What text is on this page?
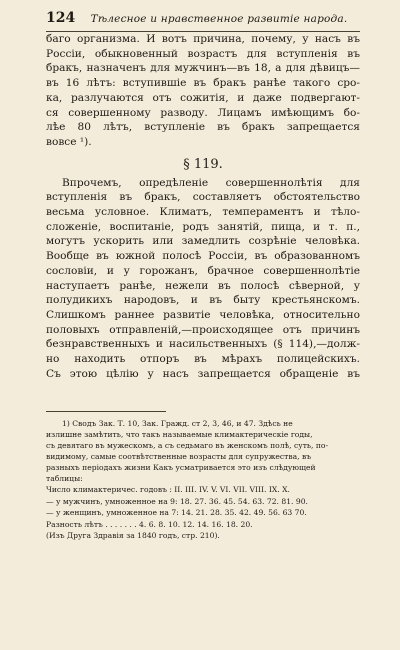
124	Тѣлесное и нравственное развитіе народа.
баго организма. И вотъ причина, почему, у насъ въ
Россіи, обыкновенный возрастъ для вступленія въ
бракъ, назначенъ для мужчинъ—въ 18, а для дѣвицъ—
въ 16 лѣтъ: вступившіе въ бракъ ранѣе такого сро-
ка, разлучаются отъ сожитія, и даже подвергают-
ся совершенному разводу. Лицамъ имѣющимъ бо-
лѣе 80 лѣтъ, вступленіе въ бракъ запрещается
вовсе ¹).
§ 119.
Впрочемъ, опредѣленіе совершеннолѣтія для
вступленія въ бракъ, составляетъ обстоятельство
весьма условное. Климатъ, темпераментъ и тѣло-
сложеніе, воспитаніе, родъ занятій, пища, и т. п.,
могутъ ускорить или замедлить созрѣніе человѣка.
Вообще въ южной полосѣ Россіи, въ образованномъ
сословіи, и у горожанъ, брачное совершеннолѣтіе
наступаетъ ранѣе, нежели въ полосѣ сѣверной, у
полудикихъ народовъ, и въ быту крестьянскомъ.
Слишкомъ раннее развитіе человѣка, относительно
половыхъ отправленій,—происходящее отъ причинъ
безнравственныхъ и насильственныхъ (§ 114),—долж-
но находить отпоръ въ мѣрахъ полицейскихъ.
Съ этою цѣлію у насъ запрещается обращеніе въ
1) Сводъ Зак. Т. 10, Зак. Гражд. ст 2, 3, 46, и 47. Здѣсь не
излишне замѣтить, что такъ называемые климактерическіе годы,
съ девятаго въ мужескомъ, а съ седьмаго въ женскомъ полѣ, суть, по-
видимому, самые соотвѣтственные возрасты для супружества, въ
разныхъ періодахъ жизни Какъ усматривается это изъ слѣдующей
таблицы:
Число климактеричес. годовъ : II. III. IV. V. VI. VII. VIII. IX. X.
— у мужчинъ, умноженное на 9: 18. 27. 36. 45. 54. 63. 72. 81. 90.
— у женщинъ, умноженное на 7: 14. 21. 28. 35. 42. 49. 56. 63 70.
Разность лѣтъ . . . . . . . 4. 6. 8. 10. 12. 14. 16. 18. 20.
(Изъ Друга Здравія за 1840 годъ, стр. 210).
